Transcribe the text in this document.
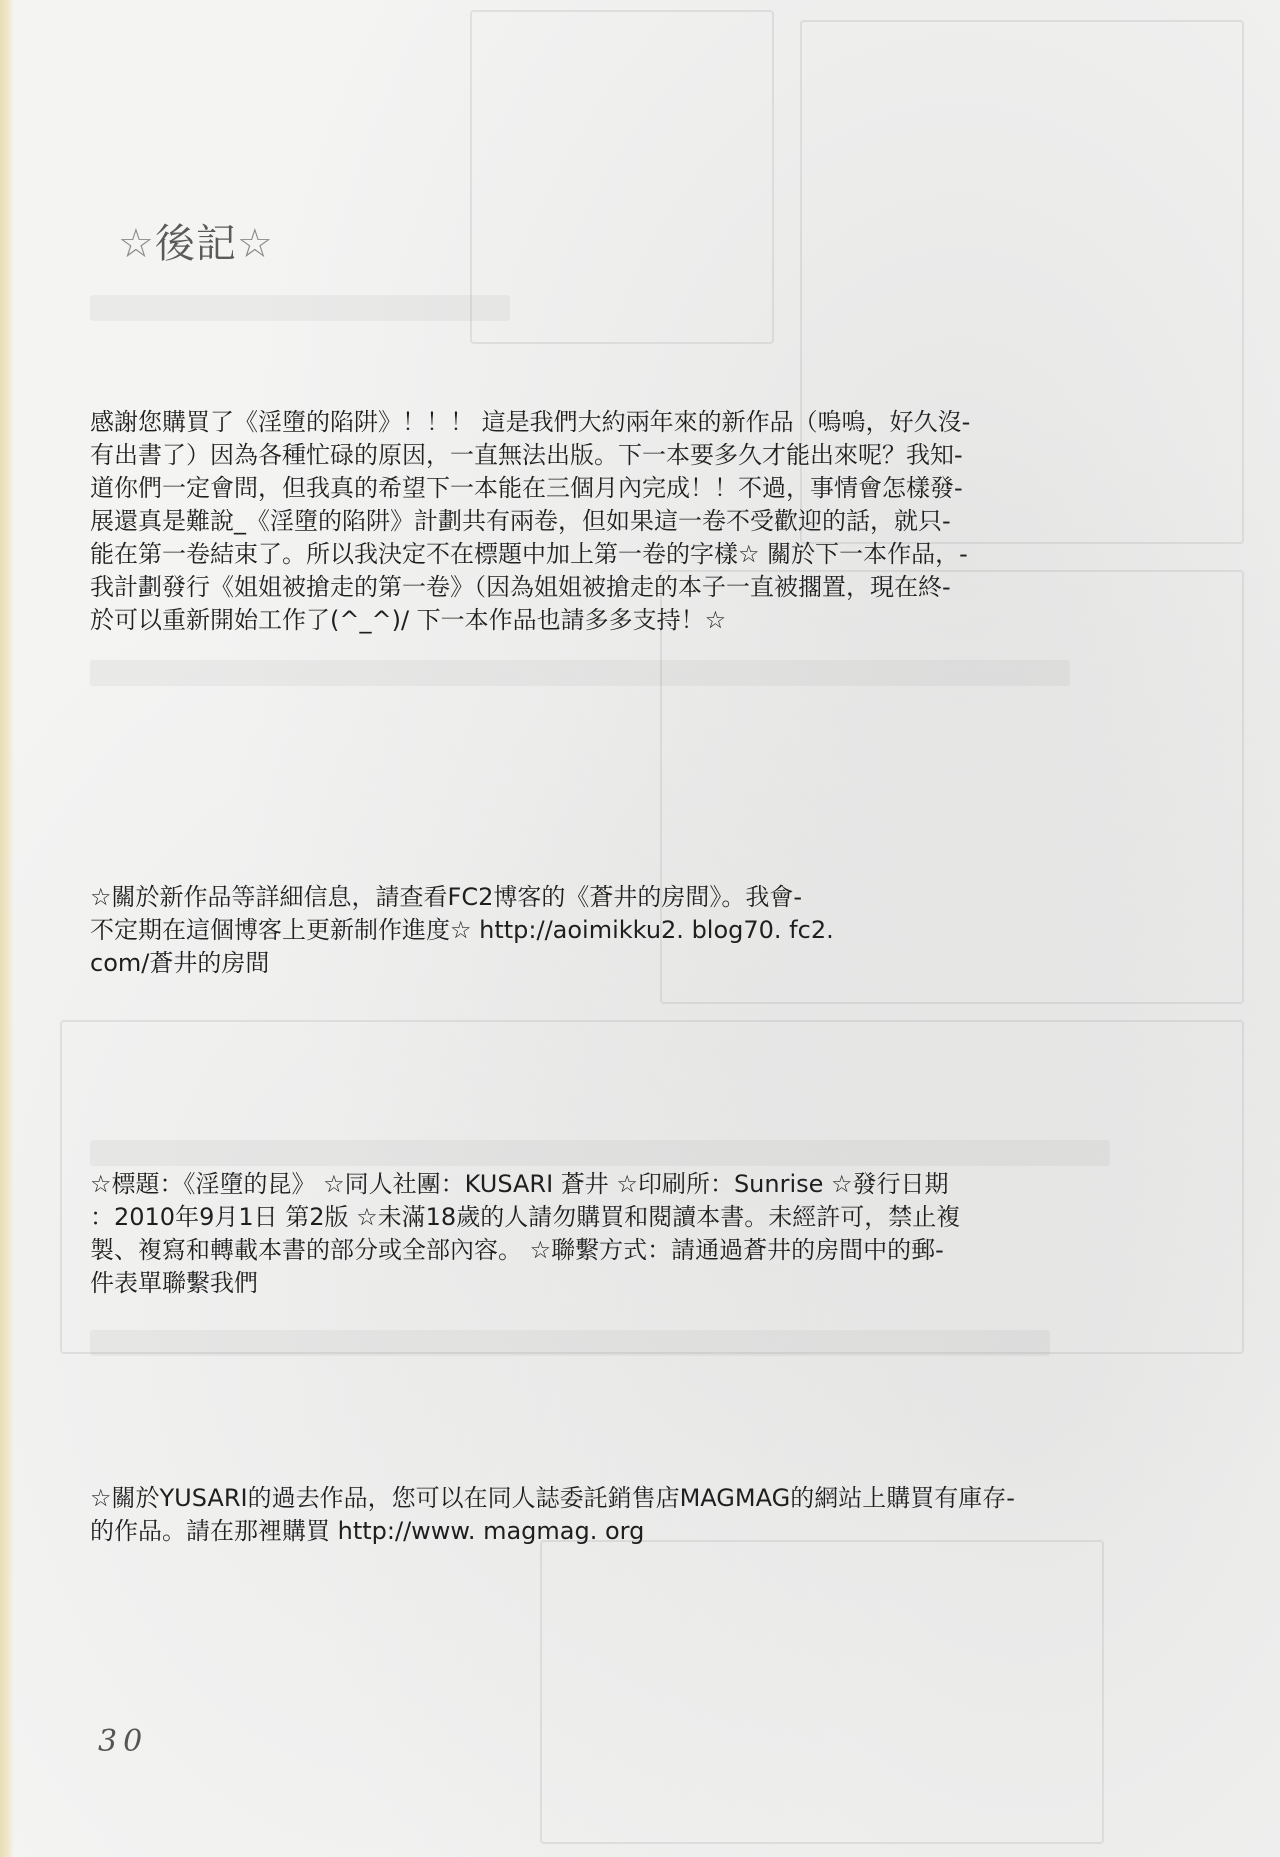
☆後記☆
感謝您購買了《淫墮的陷阱》！！！ 這是我們大約兩年來的新作品（嗚嗚，好久沒-
有出書了）因為各種忙碌的原因，一直無法出版。下一本要多久才能出來呢？我知-
道你們一定會問，但我真的希望下一本能在三個月內完成！！不過，事情會怎樣發-
展還真是難說_《淫墮的陷阱》計劃共有兩卷，但如果這一卷不受歡迎的話，就只-
能在第一卷結束了。所以我決定不在標題中加上第一卷的字樣☆ 關於下一本作品，-
我計劃發行《姐姐被搶走的第一卷》（因為姐姐被搶走的本子一直被擱置，現在終-
於可以重新開始工作了(^_^)/ 下一本作品也請多多支持！☆
☆關於新作品等詳細信息，請查看FC2博客的《蒼井的房間》。我會-
不定期在這個博客上更新制作進度☆ http://aoimikku2. blog70. fc2.
com/蒼井的房間
☆標題：《淫墮的昆》 ☆同人社團：KUSARI 蒼井 ☆印刷所：Sunrise ☆發行日期
：2010年9月1日 第2版 ☆未滿18歲的人請勿購買和閱讀本書。未經許可，禁止複
製、複寫和轉載本書的部分或全部內容。 ☆聯繫方式：請通過蒼井的房間中的郵-
件表單聯繫我們
☆關於YUSARI的過去作品，您可以在同人誌委託銷售店MAGMAG的網站上購買有庫存-
的作品。請在那裡購買 http://www. magmag. org
30
